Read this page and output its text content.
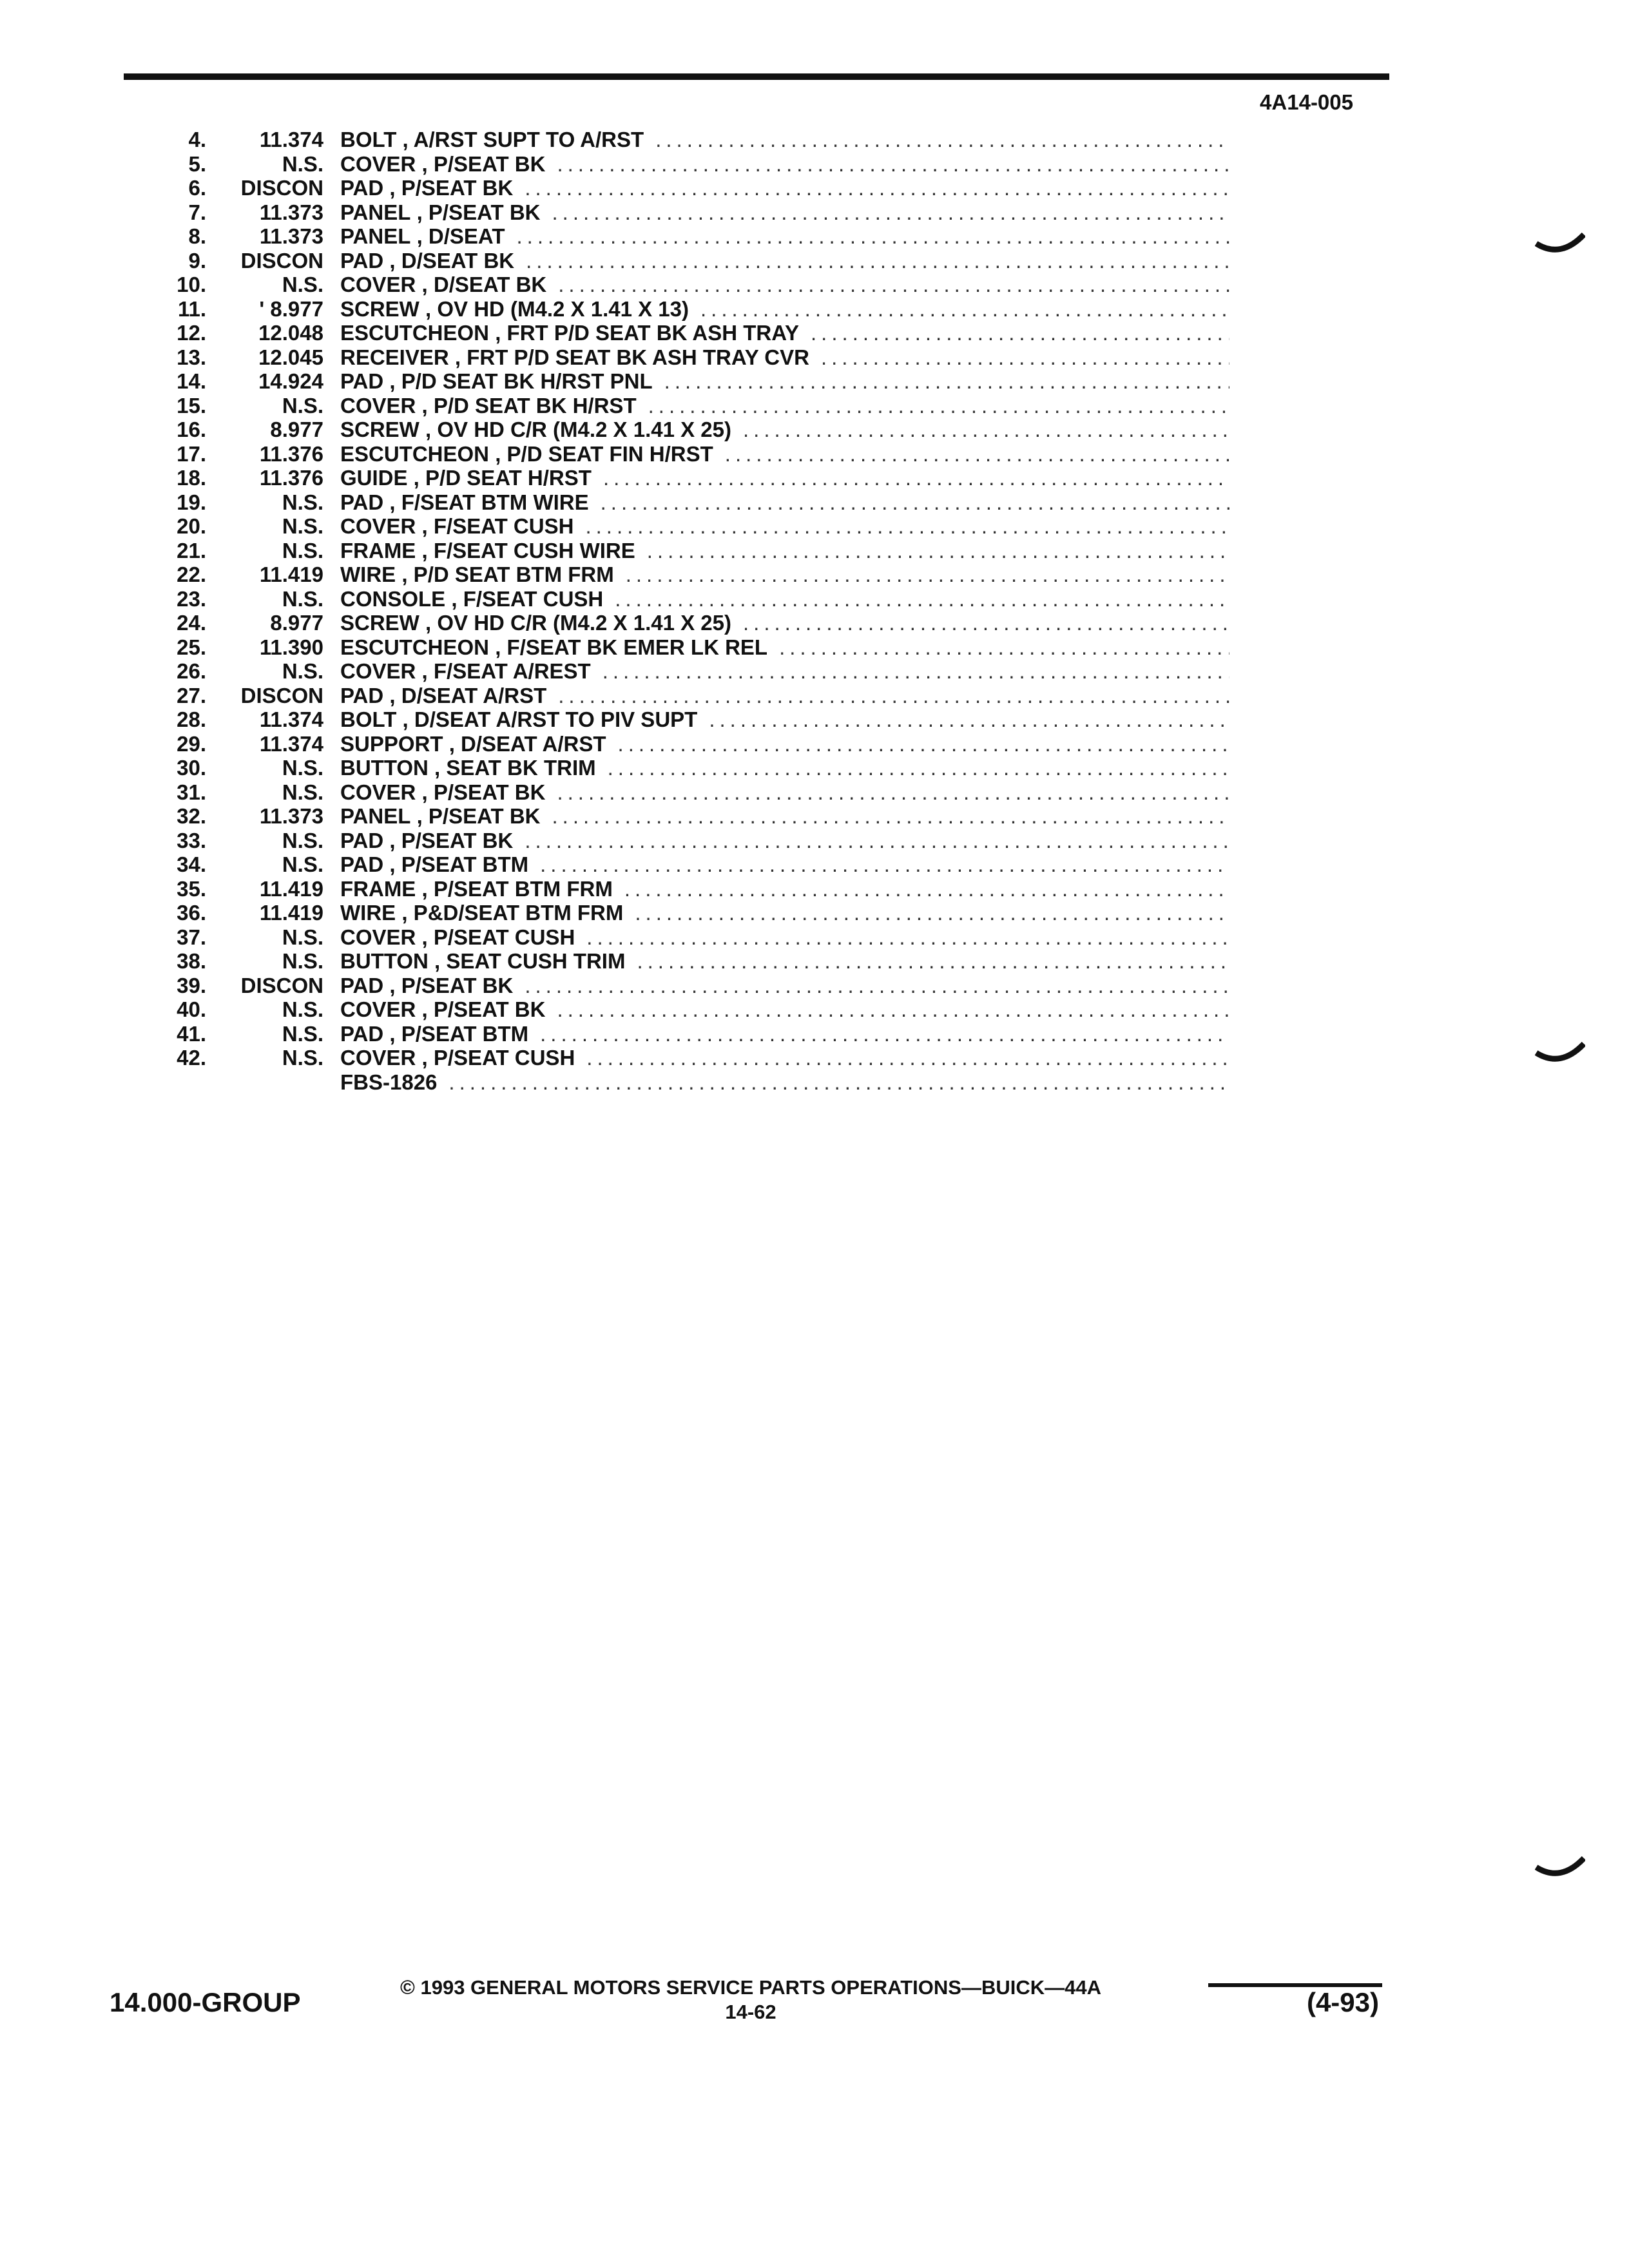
4A14-005
4.	11.374 BOLT , A/RST SUPT TO A/RST
.....
5.	N.S. COVER , P/SEAT BK
.....
6.	DISCON PAD , P/SEAT BK
.....
7.	11.373 PANEL , P/SEAT BK
.....
8.	11.373 PANEL , D/SEAT
.....
9.	DISCON PAD , D/SEAT BK
.....
10.	N.S. COVER , D/SEAT BK
.....
11.	' 8.977 SCREW , OV HD (M4.2 X 1.41 X 13)
.....
12.	12.048 ESCUTCHEON , FRT P/D SEAT BK ASH TRAY
.....
13.	12.045 RECEIVER , FRT P/D SEAT BK ASH TRAY CVR
.....
14.	14.924 PAD , P/D SEAT BK H/RST PNL
.....
15.	N.S. COVER , P/D SEAT BK H/RST
.....
16.	8.977 SCREW , OV HD C/R (M4.2 X 1.41 X 25)
.....
17.	11.376 ESCUTCHEON , P/D SEAT FIN H/RST
.....
18.	11.376 GUIDE , P/D SEAT H/RST
.....
19.	N.S. PAD , F/SEAT BTM WIRE
.....
20.	N.S. COVER , F/SEAT CUSH
.....
21.	N.S. FRAME , F/SEAT CUSH WIRE
.....
22.	11.419 WIRE , P/D SEAT BTM FRM
.....
23.	N.S. CONSOLE , F/SEAT CUSH
.....
24.	8.977 SCREW , OV HD C/R (M4.2 X 1.41 X 25)
.....
25.	11.390 ESCUTCHEON , F/SEAT BK EMER LK REL
.....
26.	N.S. COVER , F/SEAT A/REST
.....
27.	DISCON PAD , D/SEAT A/RST
.....
28.	11.374 BOLT , D/SEAT A/RST TO PIV SUPT
.....
29.	11.374 SUPPORT , D/SEAT A/RST
.....
30.	N.S. BUTTON , SEAT BK TRIM
.....
31.	N.S. COVER , P/SEAT BK
.....
32.	11.373 PANEL , P/SEAT BK
.....
33.	N.S. PAD , P/SEAT BK
.....
34.	N.S. PAD , P/SEAT BTM
.....
35.	11.419 FRAME , P/SEAT BTM FRM
.....
36.	11.419 WIRE , P&D/SEAT BTM FRM
.....
37.	N.S. COVER , P/SEAT CUSH
.....
38.	N.S. BUTTON , SEAT CUSH TRIM
.....
39.	DISCON PAD , P/SEAT BK
.....
40.	N.S. COVER , P/SEAT BK
.....
41.	N.S. PAD , P/SEAT BTM
.....
42.	N.S. COVER , P/SEAT CUSH
.....
FBS-1826
.....
© 1993 GENERAL MOTORS SERVICE PARTS OPERATIONS—BUICK—44A
14-62
14.000-GROUP	(4-93)
